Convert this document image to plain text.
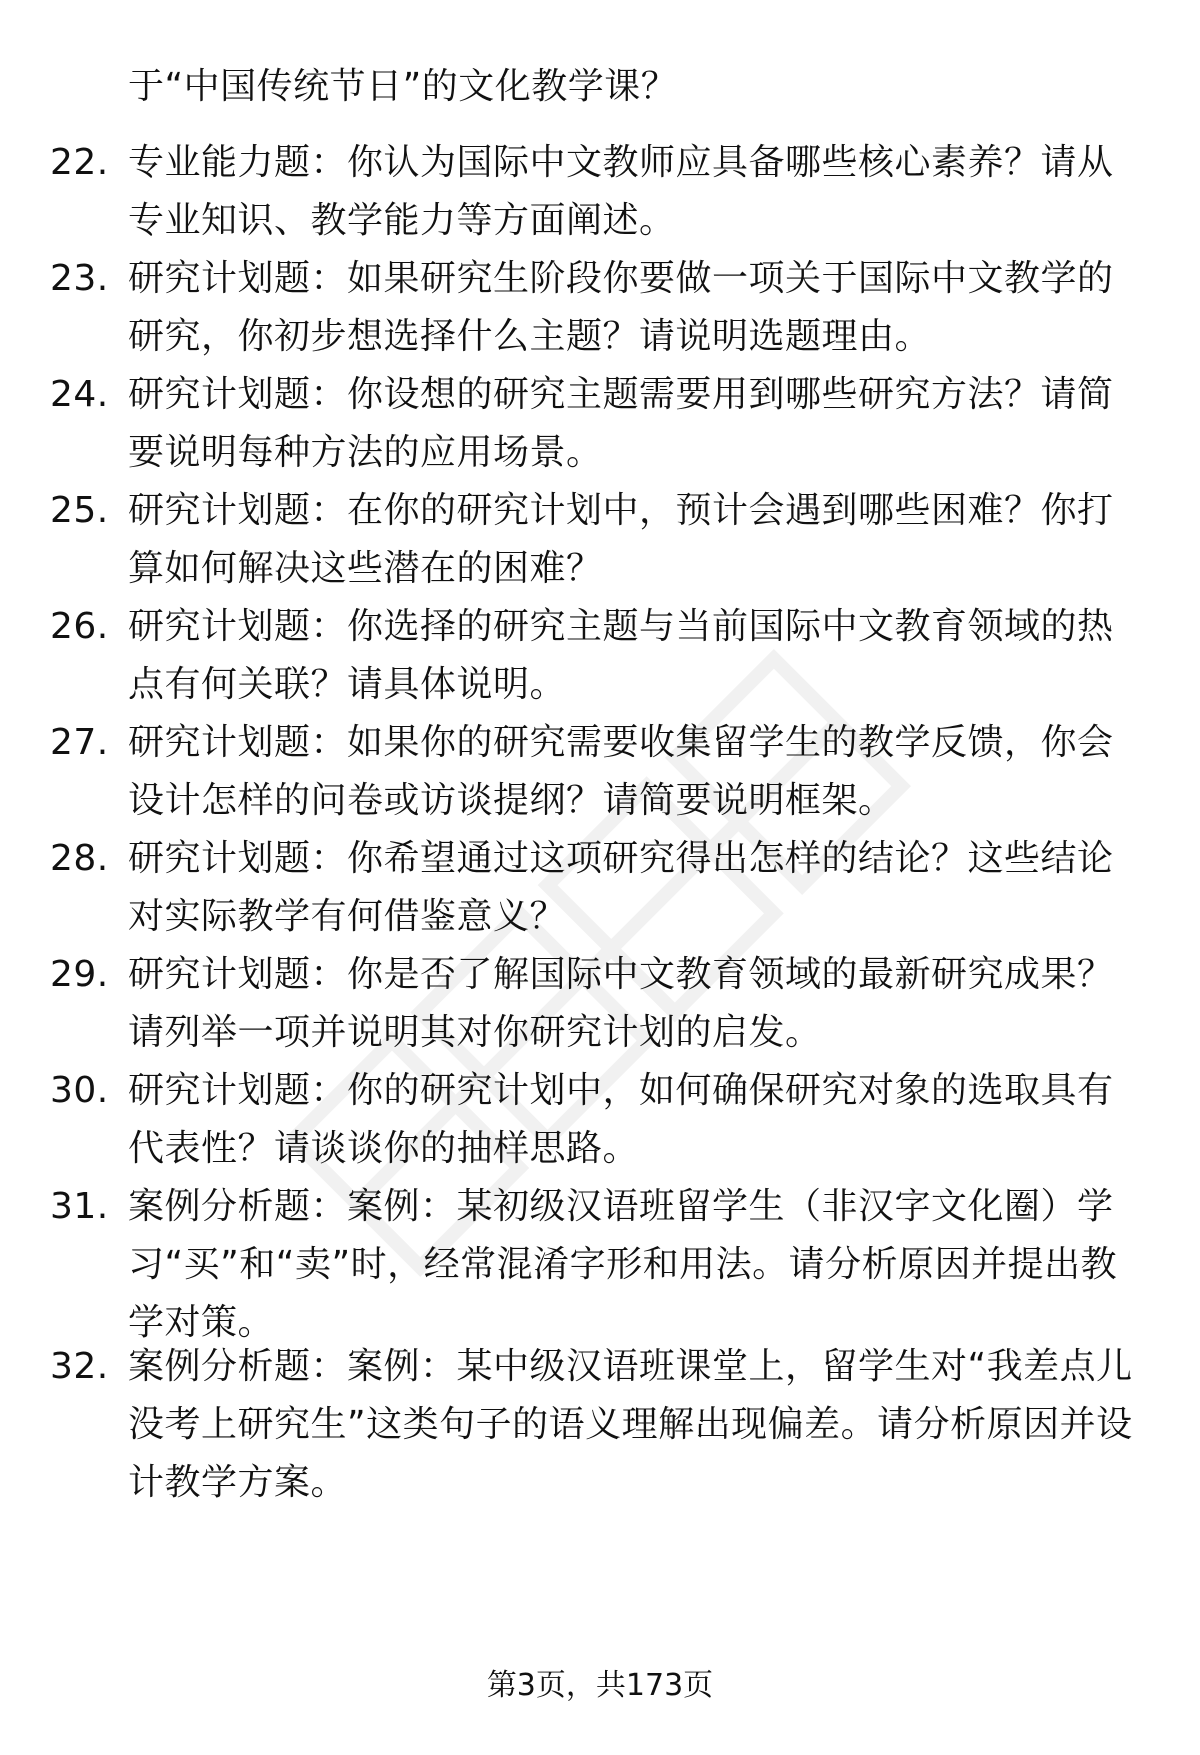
于“中国传统节日”的文化教学课？
22. 专业能力题：你认为国际中文教师应具备哪些核心素养？请从专业知识、教学能力等方面阐述。
23. 研究计划题：如果研究生阶段你要做一项关于国际中文教学的研究，你初步想选择什么主题？请说明选题理由。
24. 研究计划题：你设想的研究主题需要用到哪些研究方法？请简要说明每种方法的应用场景。
25. 研究计划题：在你的研究计划中，预计会遇到哪些困难？你打算如何解决这些潜在的困难？
26. 研究计划题：你选择的研究主题与当前国际中文教育领域的热点有何关联？请具体说明。
27. 研究计划题：如果你的研究需要收集留学生的教学反馈，你会设计怎样的问卷或访谈提纲？请简要说明框架。
28. 研究计划题：你希望通过这项研究得出怎样的结论？这些结论对实际教学有何借鉴意义？
29. 研究计划题：你是否了解国际中文教育领域的最新研究成果？请列举一项并说明其对你研究计划的启发。
30. 研究计划题：你的研究计划中，如何确保研究对象的选取具有代表性？请谈谈你的抽样思路。
31. 案例分析题：案例：某初级汉语班留学生（非汉字文化圈）学习“买”和“卖”时，经常混淆字形和用法。请分析原因并提出教学对策。
32. 案例分析题：案例：某中级汉语班课堂上，留学生对“我差点儿没考上研究生”这类句子的语义理解出现偏差。请分析原因并设计教学方案。
第3页，共173页
